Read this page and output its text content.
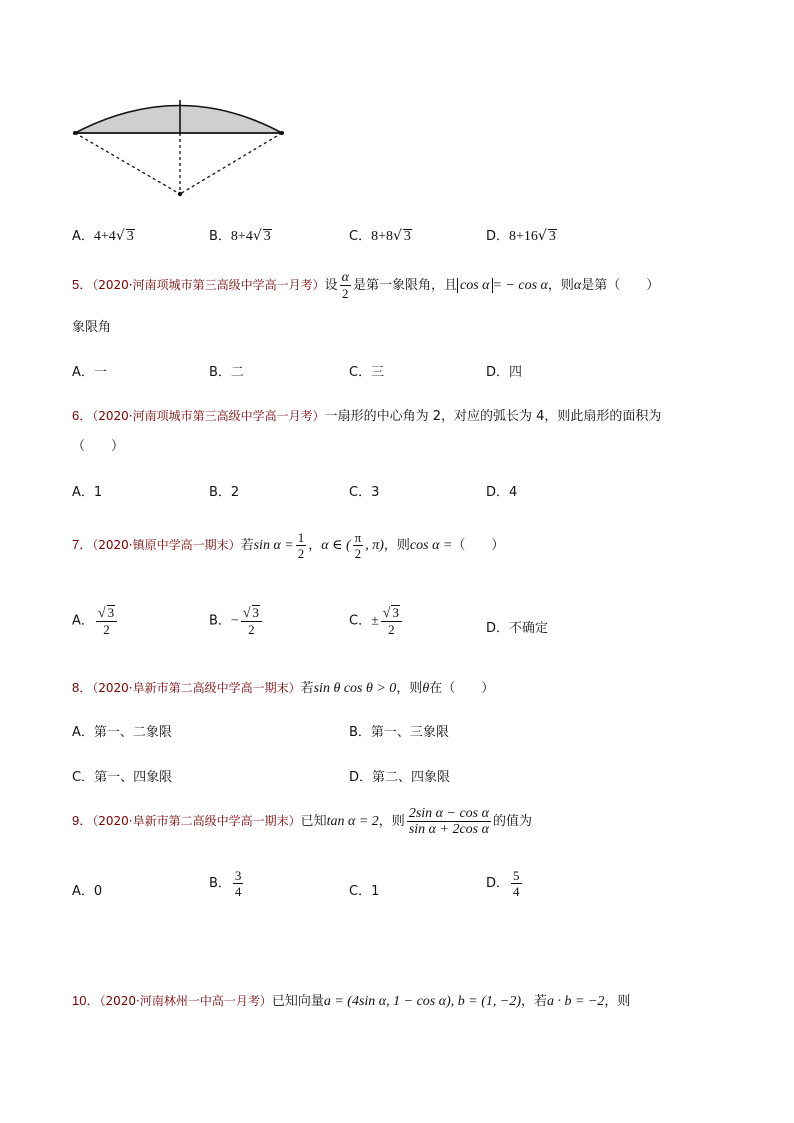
A．4+4√ 3	B．8+4√ 3	C．8+8√ 3	D．8+16√ 3
5．（2020·河南项城市第三高级中学高一月考）设 $\frac{\alpha}{2}$ 是第一象限角，且 cos α = − cos α，则α是第（　　）
象限角
A．一	B．二	C．三	D．四
6．（2020·河南项城市第三高级中学高一月考）一扇形的中心角为 2，对应的弧长为 4，则此扇形的面积为
（　　）
A．1	B．2	C．3	D．4
7．（2020·镇原中学高一期末）若$\sin \alpha = \frac{1}{2}$ ，α ∈ ( $\frac{\pi}{2}$ , π)，则cos α =（　　）
A． $\frac{√ 3}{2}$	B．− $\frac{√ 3}{2}$	C．± $\frac{√ 3}{2}$	D．不确定
8．（2020·阜新市第二高级中学高一期末）若sin θ cos θ > 0，则θ在（　　）
A．第一、二象限	B．第一、三象限
C．第一、四象限	D．第二、四象限
9．（2020·阜新市第二高级中学高一期末）已知tan α = 2，则 $\frac{\text{2sin α − cos α}}{\text{sin α + 2cos α}}$ 的值为
A．0
B． $\frac{3}{4}$	C．1
D． $\frac{5}{4}$
10．（2020·河南林州一中高一月考）已知向量a = (4sin α, 1 − cos α), b = (1, −2)，若a · b = −2，则
